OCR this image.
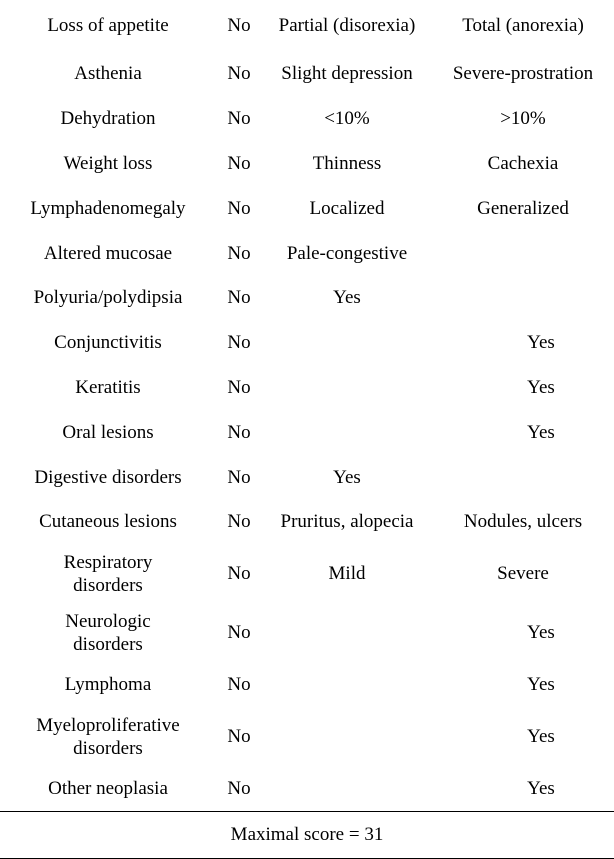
Loss of appetite	No	Partial (disorexia)	Total (anorexia)
Asthenia	No	Slight depression	Severe-prostration
Dehydration	No	<10%	>10%
Weight loss	No	Thinness	Cachexia
Lymphadenomegaly	No	Localized	Generalized
Altered mucosae	No	Pale-congestive	
Polyuria/polydipsia	No	Yes	
Conjunctivitis	No		Yes
Keratitis	No		Yes
Oral lesions	No		Yes
Digestive disorders	No	Yes	
Cutaneous lesions	No	Pruritus, alopecia	Nodules, ulcers
Respiratory
disorders	No	Mild	Severe
Neurologic
disorders	No		Yes
Lymphoma	No		Yes
Myeloproliferative
disorders	No		Yes
Other neoplasia	No		Yes
Maximal score = 31			
